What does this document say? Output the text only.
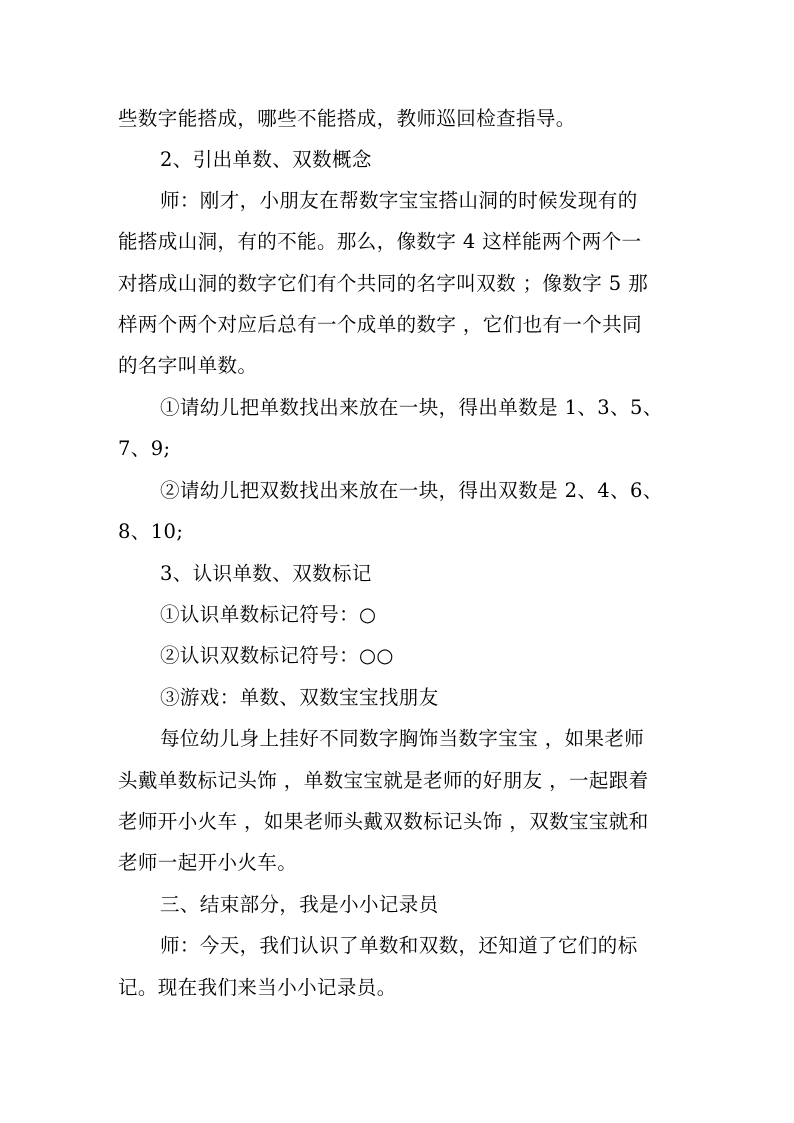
些数字能搭成，哪些不能搭成，教师巡回检查指导。
2、引出单数、双数概念
师：刚才，小朋友在帮数字宝宝搭山洞的时候发现有的
能搭成山洞，有的不能。那么，像数字 4 这样能两个两个一
对搭成山洞的数字它们有个共同的名字叫双数 ；像数字 5 那
样两个两个对应后总有一个成单的数字 ，它们也有一个共同
的名字叫单数。
①请幼儿把单数找出来放在一块，得出单数是 1、3、5、
7、9;
②请幼儿把双数找出来放在一块，得出双数是 2、4、6、
8、10;
3、认识单数、双数标记
①认识单数标记符号：○
②认识双数标记符号：○○
③游戏：单数、双数宝宝找朋友
每位幼儿身上挂好不同数字胸饰当数字宝宝 ，如果老师
头戴单数标记头饰 ，单数宝宝就是老师的好朋友 ，一起跟着
老师开小火车 ，如果老师头戴双数标记头饰 ，双数宝宝就和
老师一起开小火车。
三、结束部分，我是小小记录员
师：今天，我们认识了单数和双数，还知道了它们的标
记。现在我们来当小小记录员。
